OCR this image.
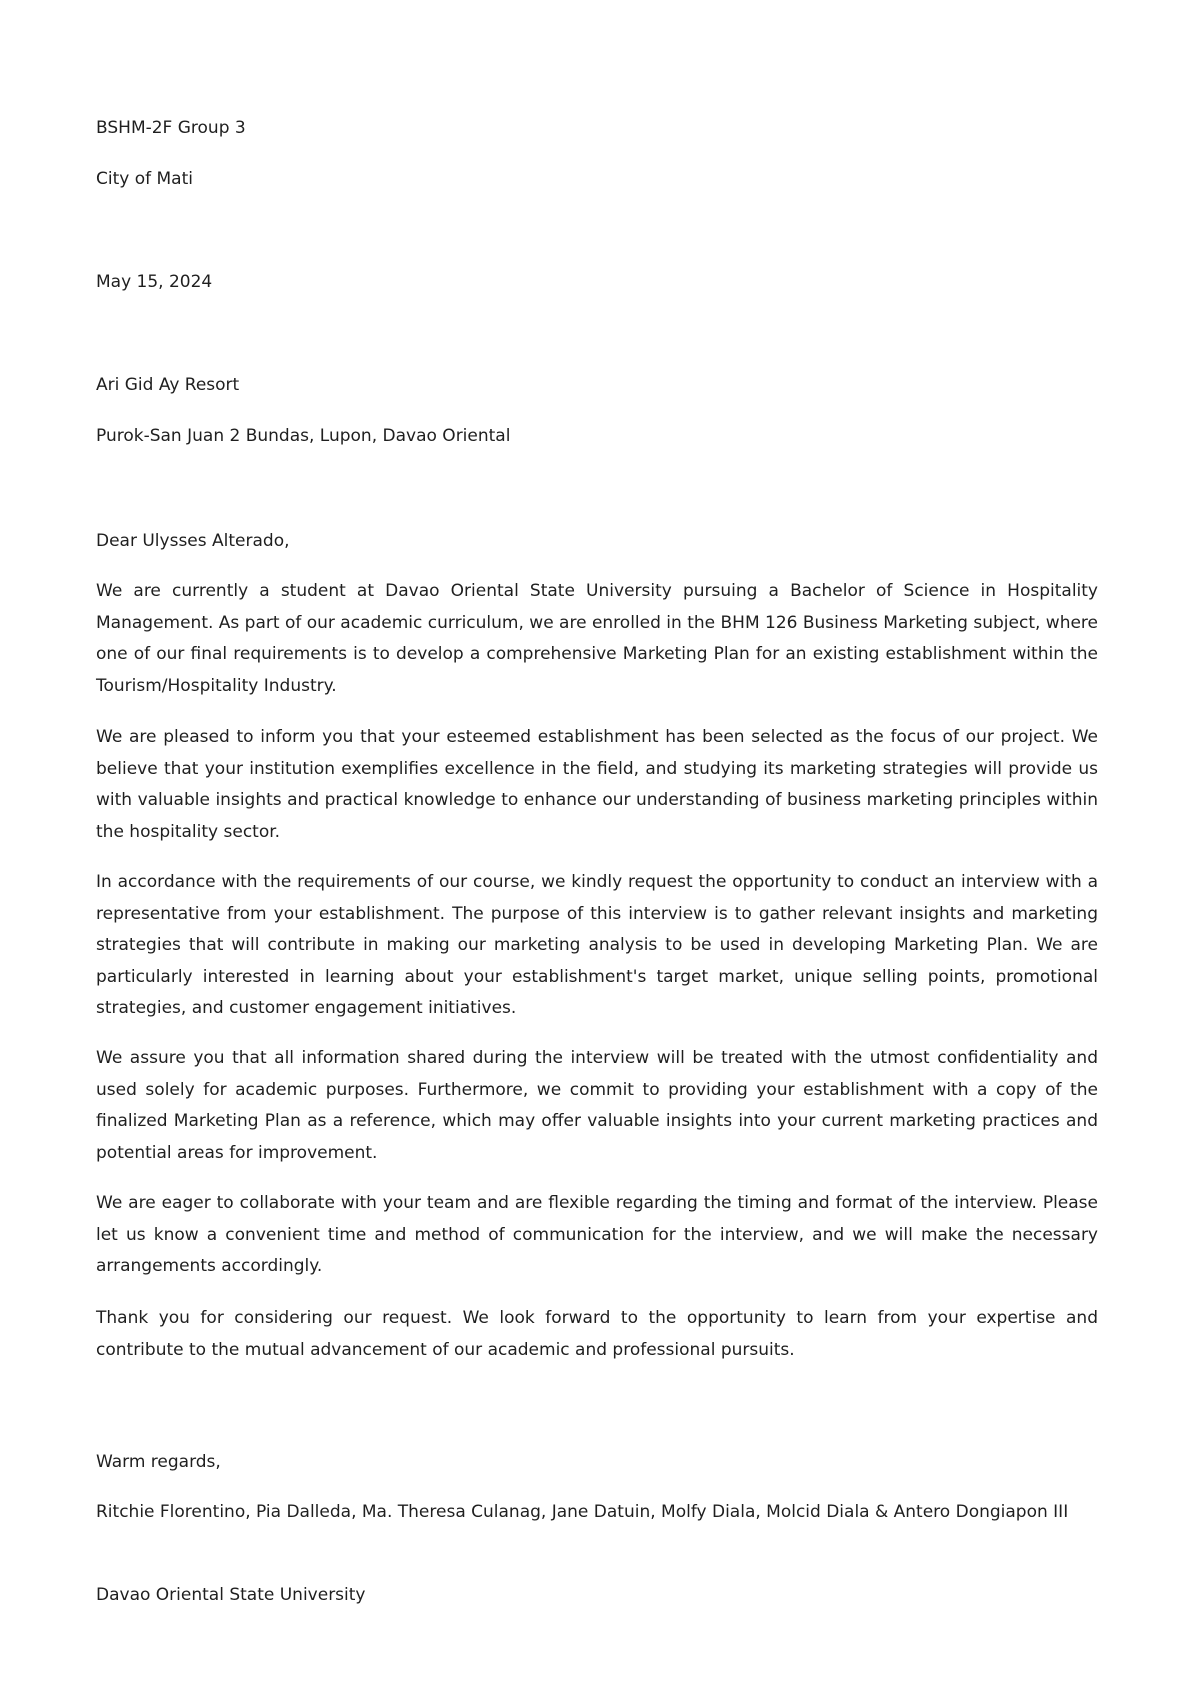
BSHM-2F Group 3

City of Mati

May 15, 2024

Ari Gid Ay Resort

Purok-San Juan 2 Bundas, Lupon, Davao Oriental

Dear Ulysses Alterado,

We are currently a student at Davao Oriental State University pursuing a Bachelor of Science in Hospitality Management. As part of our academic curriculum, we are enrolled in the BHM 126 Business Marketing subject, where one of our final requirements is to develop a comprehensive Marketing Plan for an existing establishment within the Tourism/Hospitality Industry.

We are pleased to inform you that your esteemed establishment has been selected as the focus of our project. We believe that your institution exemplifies excellence in the field, and studying its marketing strategies will provide us with valuable insights and practical knowledge to enhance our understanding of business marketing principles within the hospitality sector.

In accordance with the requirements of our course, we kindly request the opportunity to conduct an interview with a representative from your establishment. The purpose of this interview is to gather relevant insights and marketing strategies that will contribute in making our marketing analysis to be used in developing Marketing Plan. We are particularly interested in learning about your establishment's target market, unique selling points, promotional strategies, and customer engagement initiatives.

We assure you that all information shared during the interview will be treated with the utmost confidentiality and used solely for academic purposes. Furthermore, we commit to providing your establishment with a copy of the finalized Marketing Plan as a reference, which may offer valuable insights into your current marketing practices and potential areas for improvement.

We are eager to collaborate with your team and are flexible regarding the timing and format of the interview. Please let us know a convenient time and method of communication for the interview, and we will make the necessary arrangements accordingly.

Thank you for considering our request. We look forward to the opportunity to learn from your expertise and contribute to the mutual advancement of our academic and professional pursuits.

Warm regards,

Ritchie Florentino, Pia Dalleda, Ma. Theresa Culanag, Jane Datuin, Molfy Diala, Molcid Diala & Antero Dongiapon III

Davao Oriental State University
